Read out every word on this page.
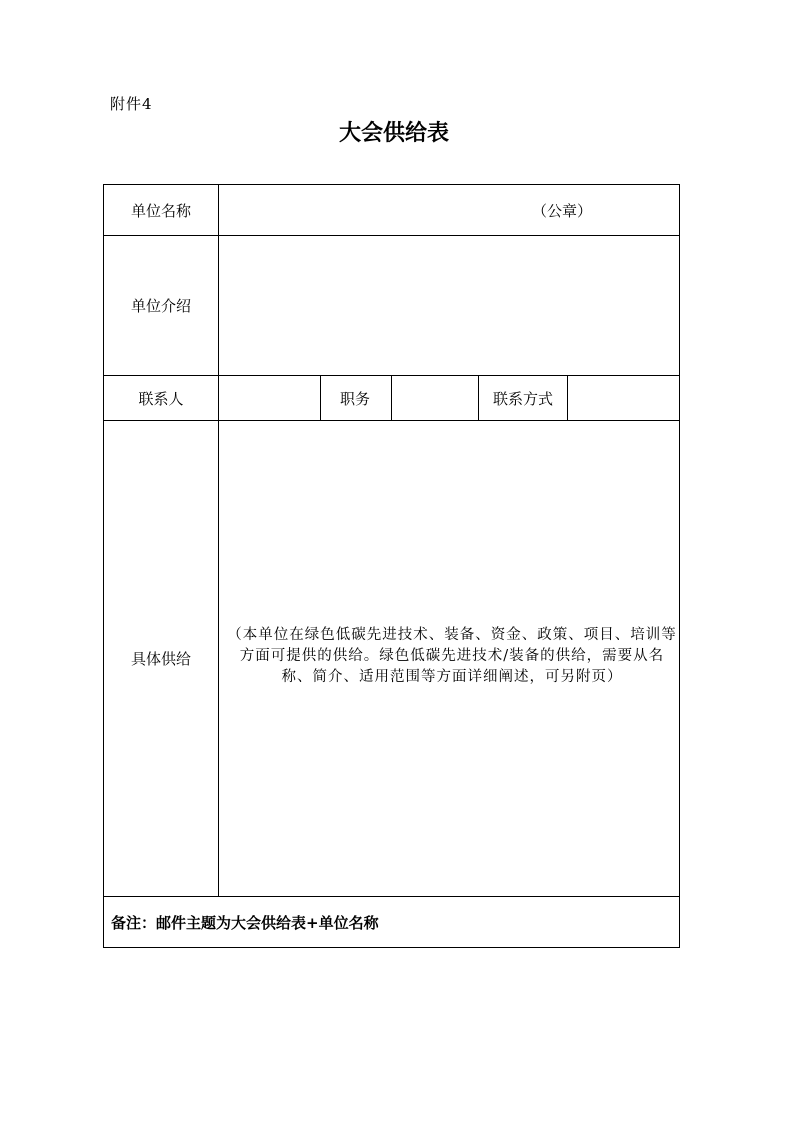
附件4
大会供给表
单位名称
单位介绍
联系人	职务	联系方式
具体供给
（公章）
（本单位在绿色低碳先进技术、装备、资金、政策、项目、培训等方面可提供的供给。绿色低碳先进技术/装备的供给，需要从名称、简介、适用范围等方面详细阐述，可另附页）
备注：邮件主题为大会供给表+单位名称
